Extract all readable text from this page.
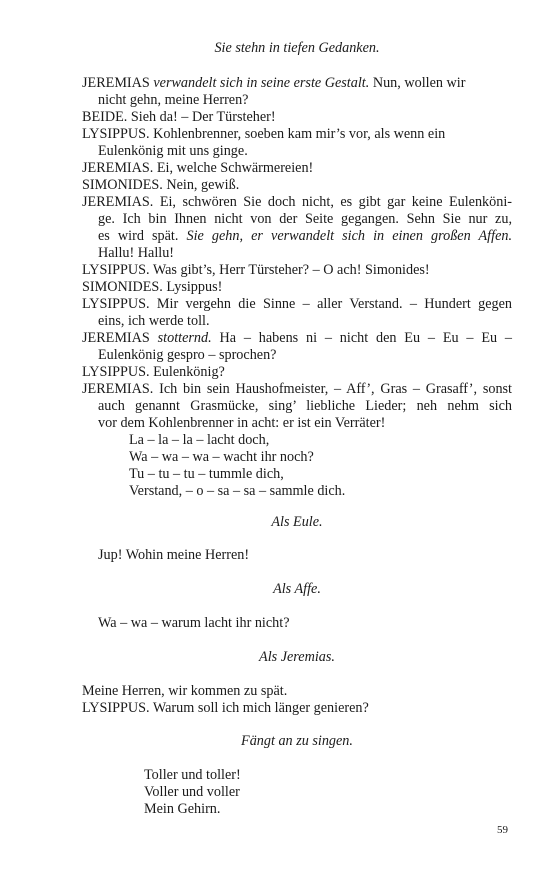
Sie stehn in tiefen Gedanken.
JEREMIAS verwandelt sich in seine erste Gestalt. Nun, wollen wir
nicht gehn, meine Herren?
BEIDE. Sieh da! – Der Türsteher!
LYSIPPUS. Kohlenbrenner, soeben kam mir’s vor, als wenn ein
Eulenkönig mit uns ginge.
JEREMIAS. Ei, welche Schwärmereien!
SIMONIDES. Nein, gewiß.
JEREMIAS. Ei, schwören Sie doch nicht, es gibt gar keine Eulenköni-
ge. Ich bin Ihnen nicht von der Seite gegangen. Sehn Sie nur zu,
es wird spät. Sie gehn, er verwandelt sich in einen großen Affen.
Hallu! Hallu!
LYSIPPUS. Was gibt’s, Herr Türsteher? – O ach! Simonides!
SIMONIDES. Lysippus!
LYSIPPUS. Mir vergehn die Sinne – aller Verstand. – Hundert gegen
eins, ich werde toll.
JEREMIAS stotternd. Ha – habens ni – nicht den Eu – Eu – Eu –
Eulenkönig gespro – sprochen?
LYSIPPUS. Eulenkönig?
JEREMIAS. Ich bin sein Haushofmeister, – Aff’, Gras – Grasaff’, sonst
auch genannt Grasmücke, sing’ liebliche Lieder; neh nehm sich
vor dem Kohlenbrenner in acht: er ist ein Verräter!
La – la – la – lacht doch,
Wa – wa – wa – wacht ihr noch?
Tu – tu – tu – tummle dich,
Verstand, – o – sa – sa – sammle dich.
Als Eule.
Jup! Wohin meine Herren!
Als Affe.
Wa – wa – warum lacht ihr nicht?
Als Jeremias.
Meine Herren, wir kommen zu spät.
LYSIPPUS. Warum soll ich mich länger genieren?
Fängt an zu singen.
Toller und toller!
Voller und voller
Mein Gehirn.
59
